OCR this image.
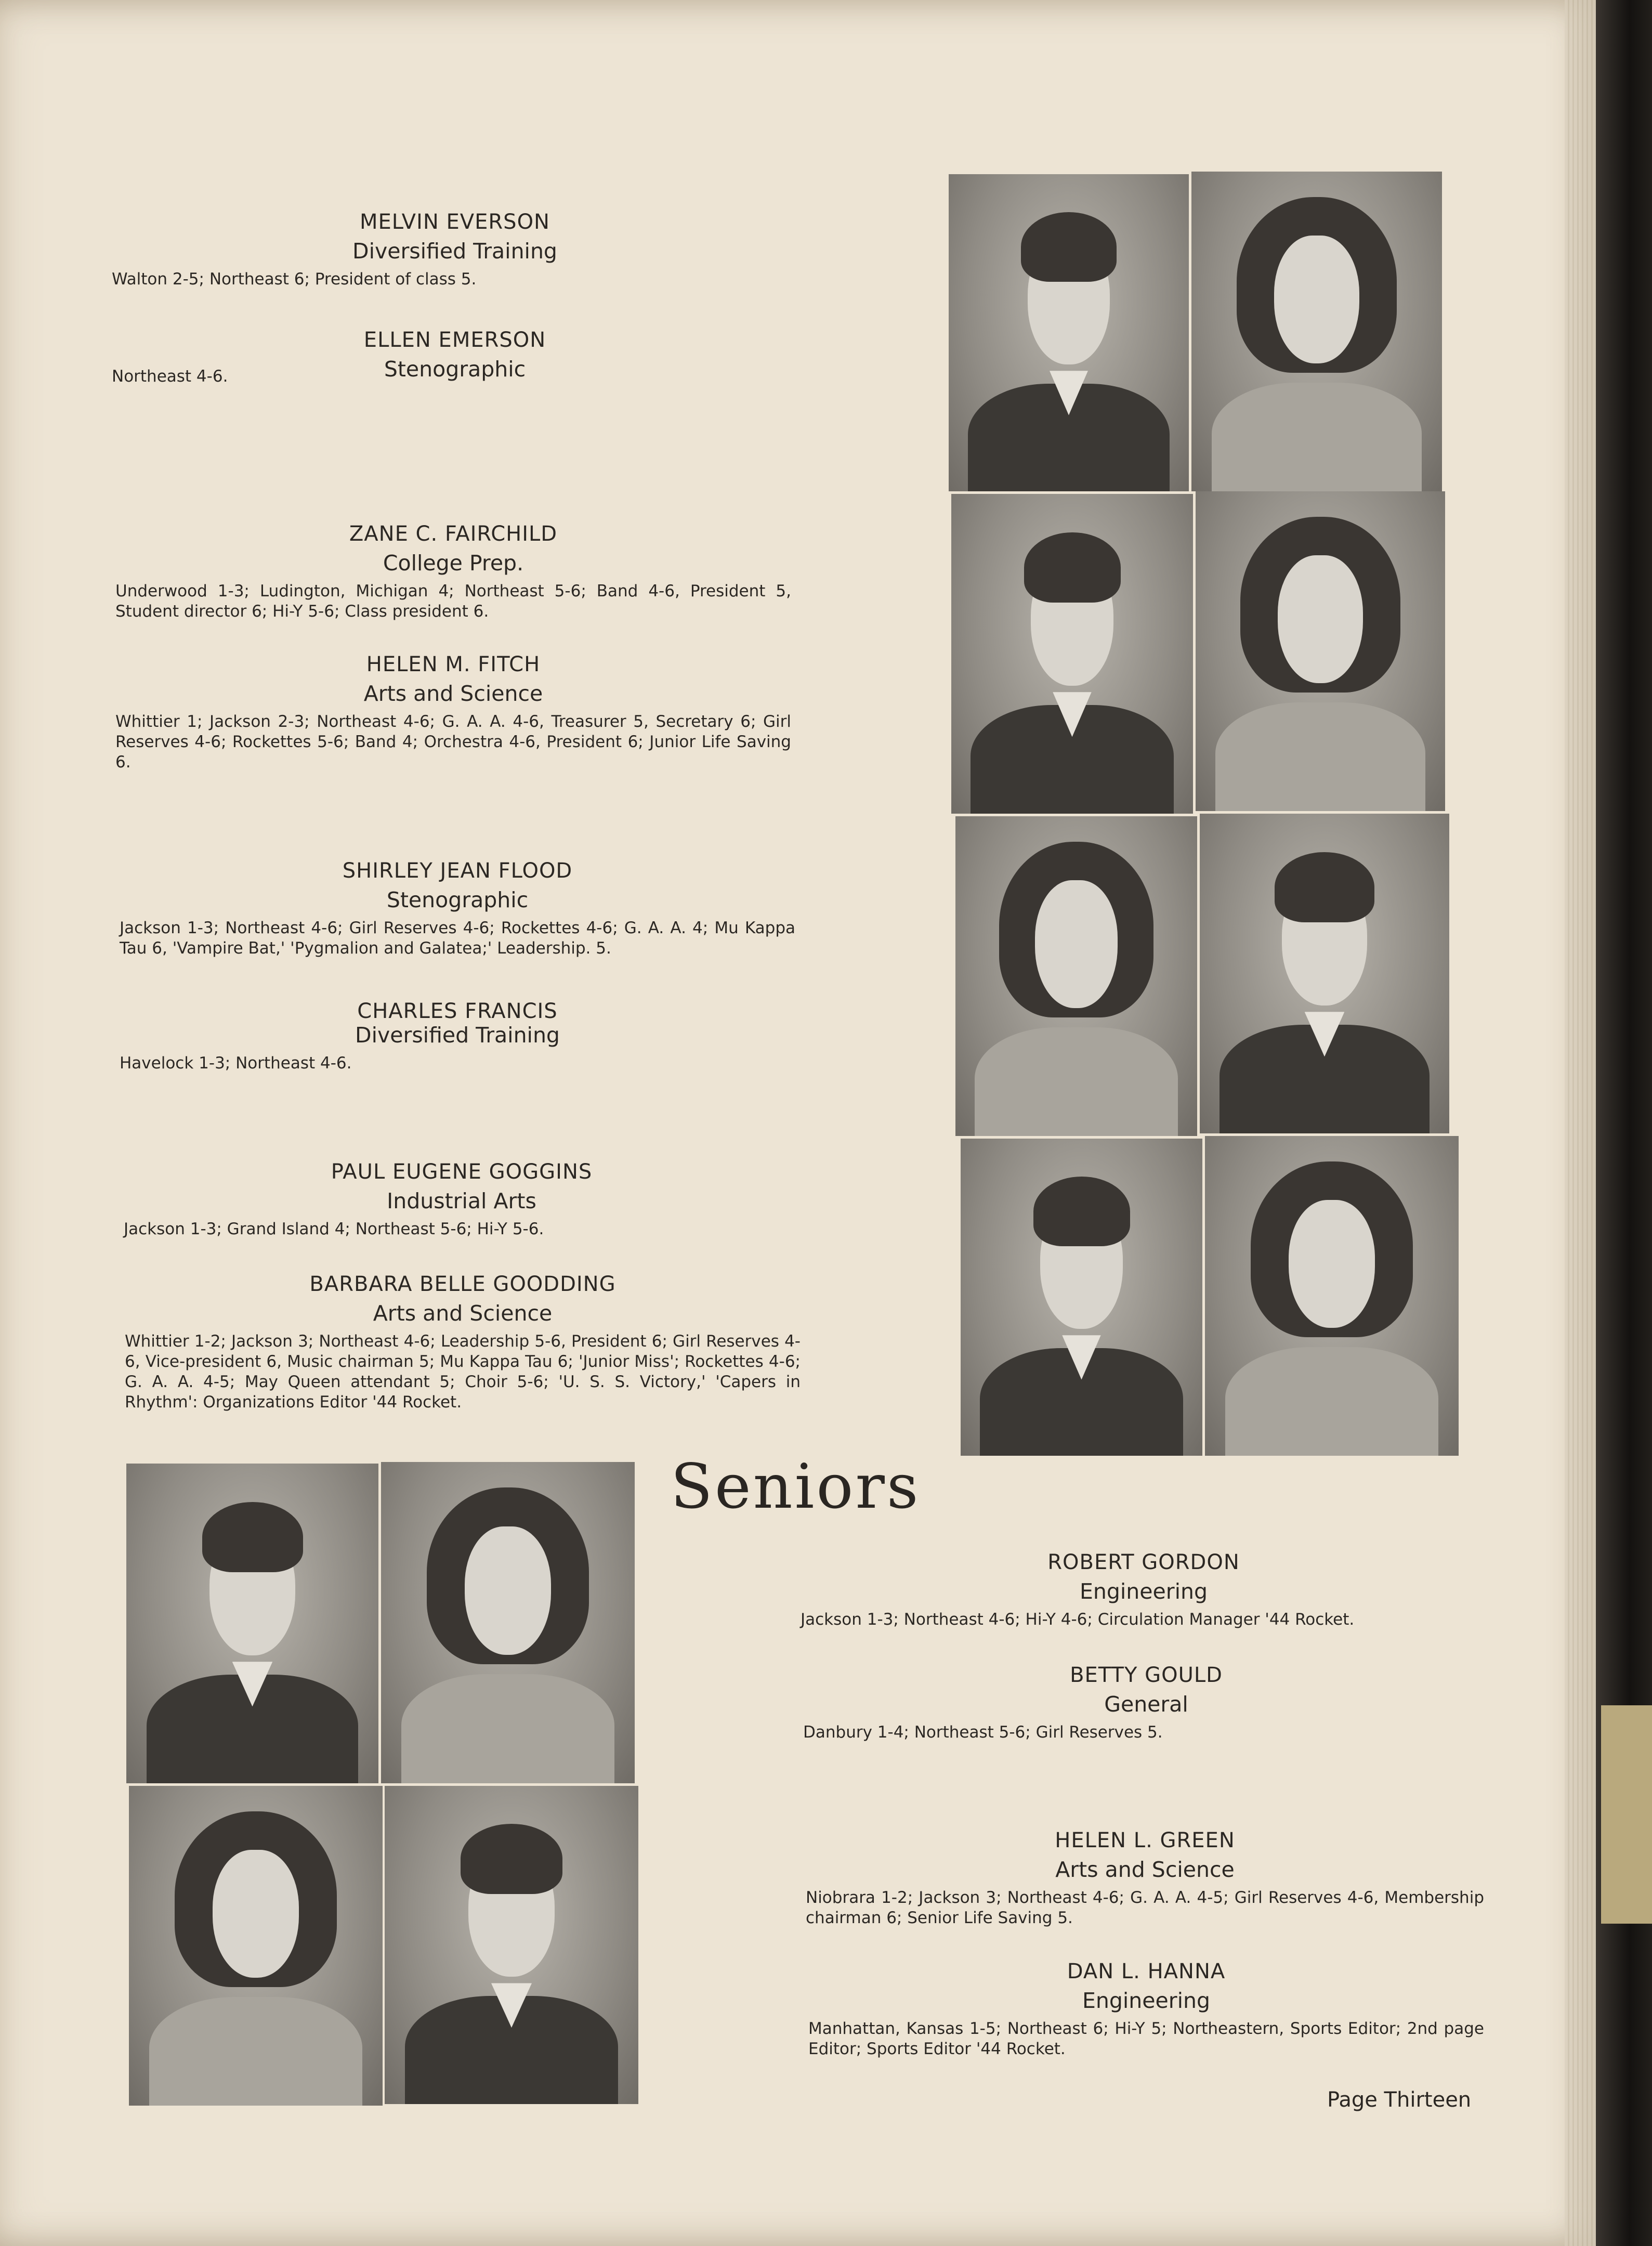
MELVIN EVERSON
Diversified Training
Walton 2-5; Northeast 6; President of class 5.
ELLEN EMERSON
Stenographic
Northeast 4-6.
ZANE C. FAIRCHILD
College Prep.
Underwood 1-3; Ludington, Michigan 4; Northeast 5-6; Band 4-6, President 5, Student director 6; Hi-Y 5-6; Class president 6.
HELEN M. FITCH
Arts and Science
Whittier 1; Jackson 2-3; Northeast 4-6; G. A. A. 4-6, Treasurer 5, Secretary 6; Girl Reserves 4-6; Rockettes 5-6; Band 4; Orchestra 4-6, President 6; Junior Life Saving 6.
SHIRLEY JEAN FLOOD
Stenographic
Jackson 1-3; Northeast 4-6; Girl Reserves 4-6; Rockettes 4-6; G. A. A. 4; Mu Kappa Tau 6, 'Vampire Bat,' 'Pygmalion and Galatea;' Leadership. 5.
CHARLES FRANCIS
Diversified Training
Havelock 1-3; Northeast 4-6.
PAUL EUGENE GOGGINS
Industrial Arts
Jackson 1-3; Grand Island 4; Northeast 5-6; Hi-Y 5-6.
BARBARA BELLE GOODDING
Arts and Science
Whittier 1-2; Jackson 3; Northeast 4-6; Leadership 5-6, President 6; Girl Reserves 4-6, Vice-president 6, Music chairman 5; Mu Kappa Tau 6; 'Junior Miss'; Rockettes 4-6; G. A. A. 4-5; May Queen attendant 5; Choir 5-6; 'U. S. S. Victory,' 'Capers in Rhythm': Organizations Editor '44 Rocket.
Seniors
ROBERT GORDON
Engineering
Jackson 1-3; Northeast 4-6; Hi-Y 4-6; Circulation Manager '44 Rocket.
BETTY GOULD
General
Danbury 1-4; Northeast 5-6; Girl Reserves 5.
HELEN L. GREEN
Arts and Science
Niobrara 1-2; Jackson 3; Northeast 4-6; G. A. A. 4-5; Girl Reserves 4-6, Membership chairman 6; Senior Life Saving 5.
DAN L. HANNA
Engineering
Manhattan, Kansas 1-5; Northeast 6; Hi-Y 5; Northeastern, Sports Editor; 2nd page Editor; Sports Editor '44 Rocket.
Page Thirteen
